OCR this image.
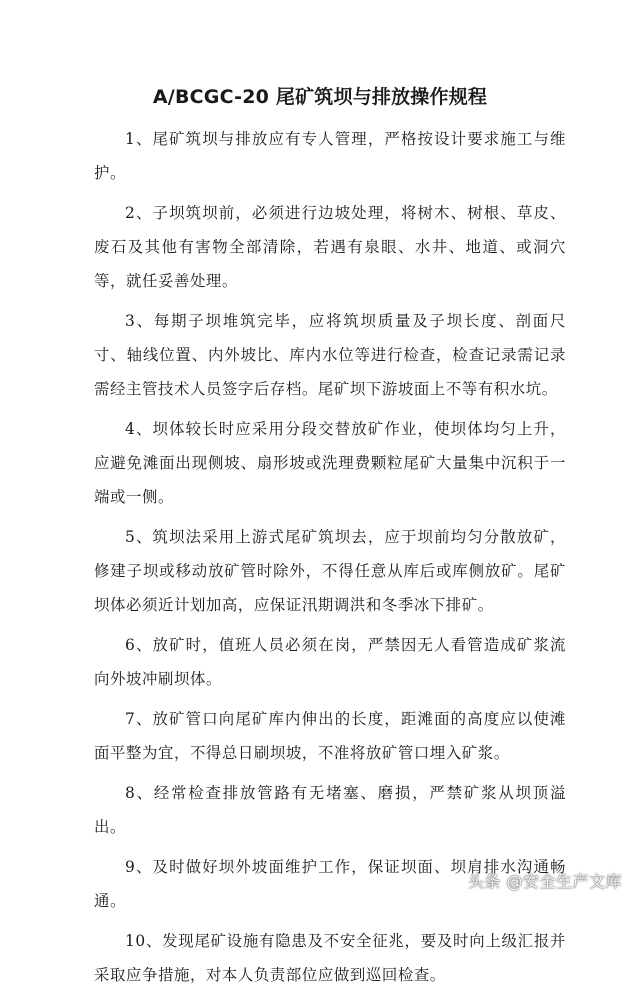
A/BCGC-20 尾矿筑坝与排放操作规程

1、尾矿筑坝与排放应有专人管理，严格按设计要求施工与维护。

2、子坝筑坝前，必须进行边坡处理，将树木、树根、草皮、废石及其他有害物全部清除，若遇有泉眼、水井、地道、或洞穴等，就任妥善处理。

3、每期子坝堆筑完毕，应将筑坝质量及子坝长度、剖面尺寸、轴线位置、内外坡比、库内水位等进行检查，检查记录需记录需经主管技术人员签字后存档。尾矿坝下游坡面上不等有积水坑。

4、坝体较长时应采用分段交替放矿作业，使坝体均匀上升，应避免滩面出现侧坡、扇形坡或洗理费颗粒尾矿大量集中沉积于一端或一侧。

5、筑坝法采用上游式尾矿筑坝去，应于坝前均匀分散放矿，修建子坝或移动放矿管时除外，不得任意从库后或库侧放矿。尾矿坝体必须近计划加高，应保证汛期调洪和冬季冰下排矿。

6、放矿时，值班人员必须在岗，严禁因无人看管造成矿浆流向外坡冲刷坝体。

7、放矿管口向尾矿库内伸出的长度，距滩面的高度应以使滩面平整为宜，不得总日刷坝坡，不准将放矿管口埋入矿浆。

8、经常检查排放管路有无堵塞、磨损，严禁矿浆从坝顶溢出。

9、及时做好坝外坡面维护工作，保证坝面、坝肩排水沟通畅通。

10、发现尾矿设施有隐患及不安全征兆，要及时向上级汇报并采取应争措施，对本人负责部位应做到巡回检查。

头条 @安全生产文库
